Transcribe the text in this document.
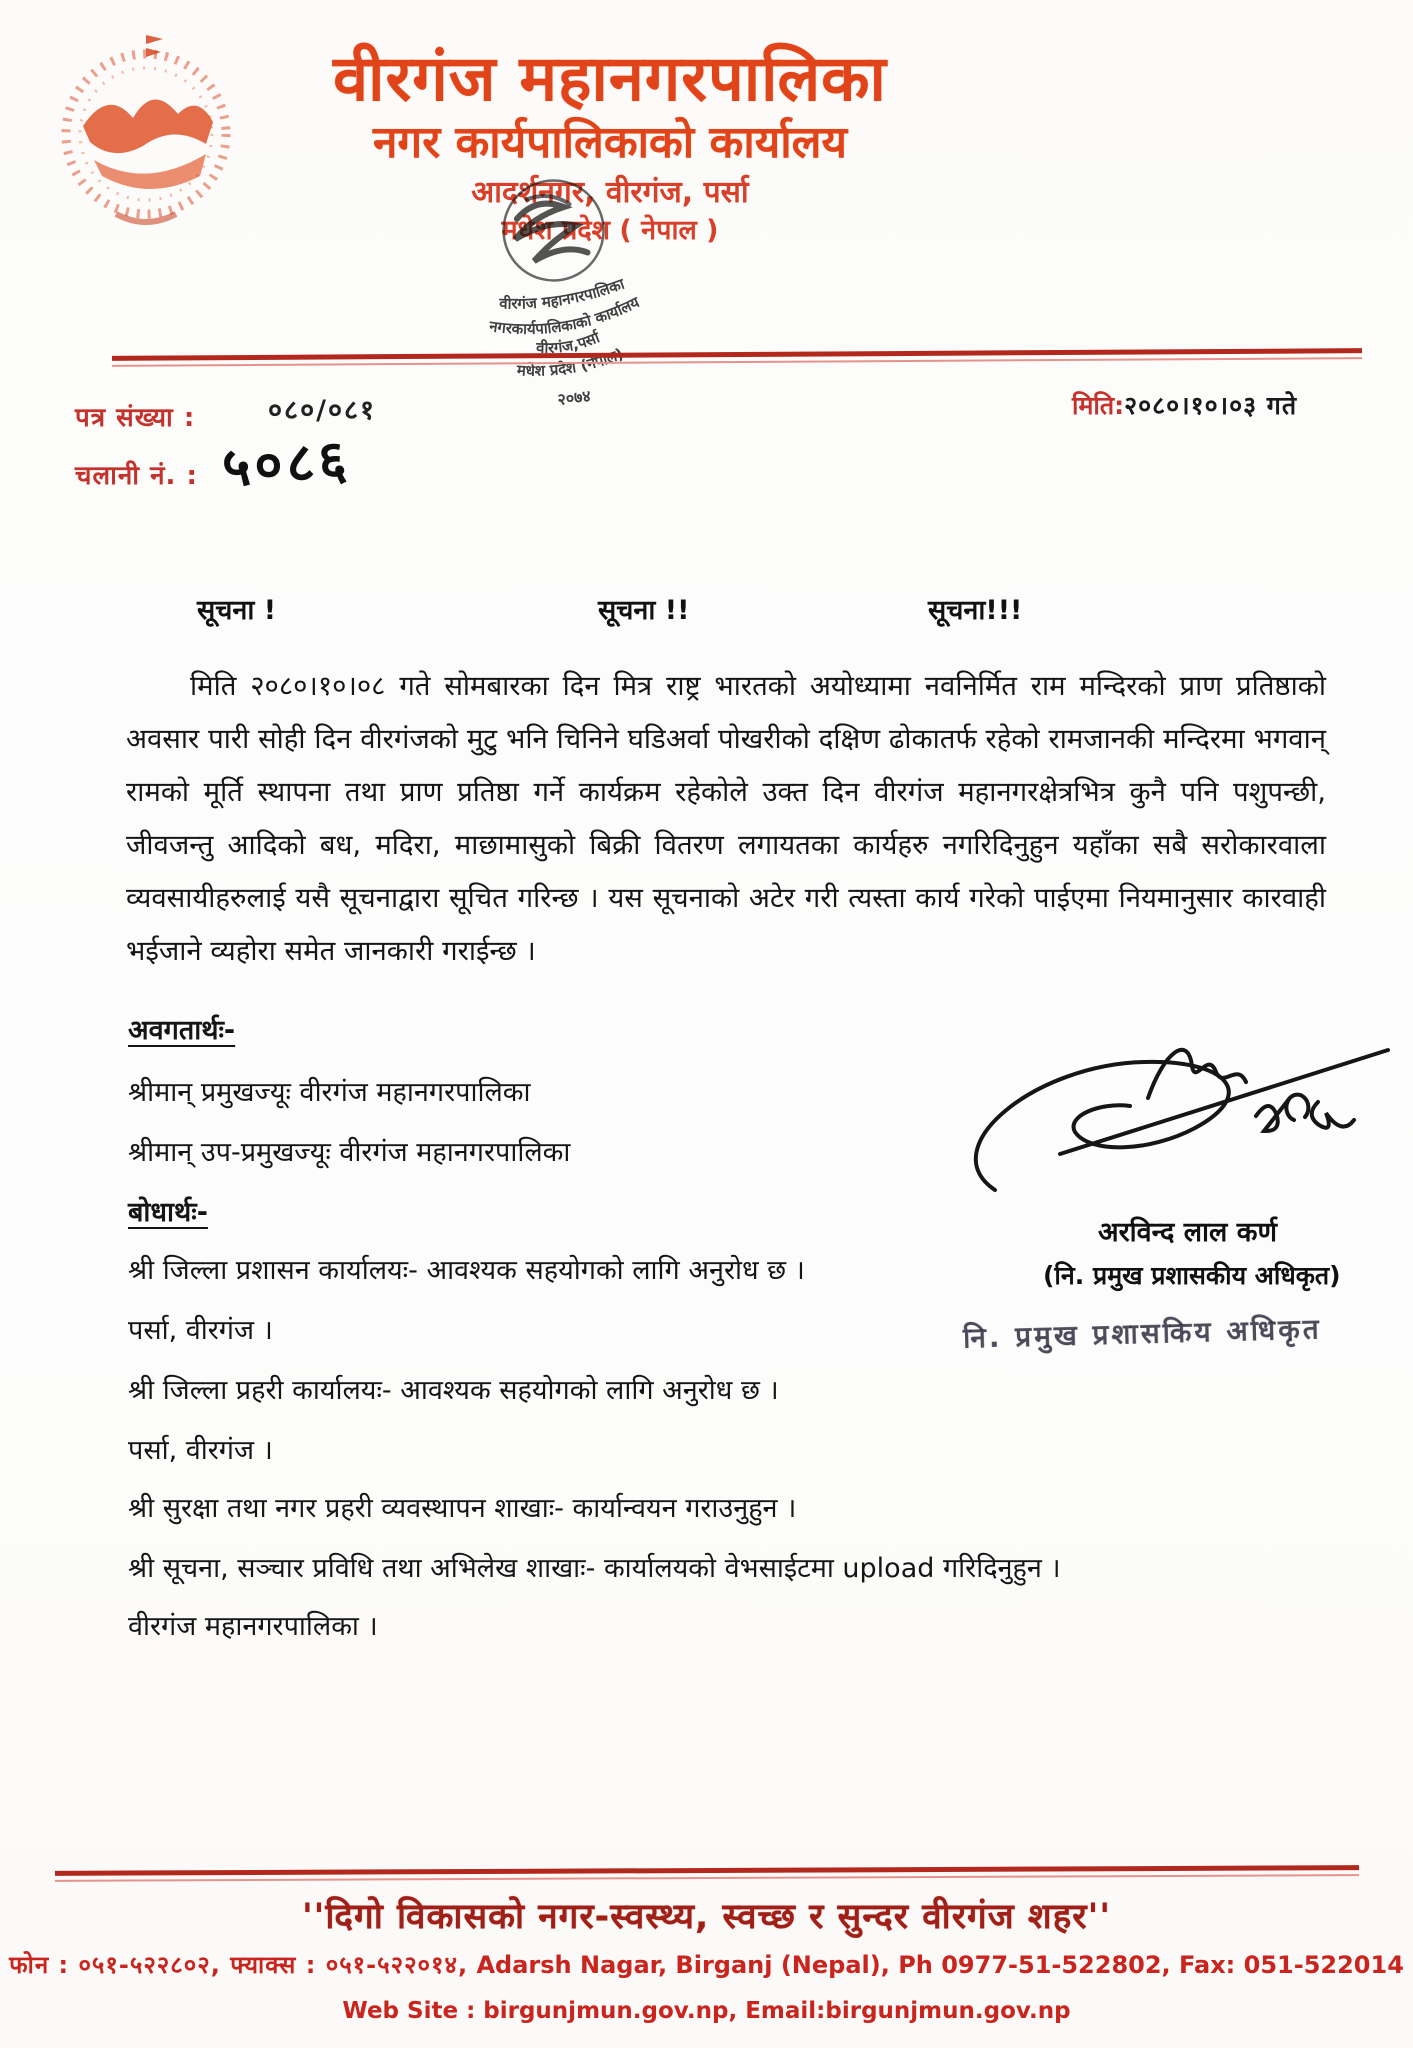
वीरगंज महानगरपालिका
नगर कार्यपालिकाको कार्यालय
आदर्शनगर, वीरगंज, पर्सा
मधेश प्रदेश ( नेपाल )
वीरगंज महानगरपालिका
नगरकार्यपालिकाको कार्यालय
वीरगंज,पर्सा
मधेश प्रदेश (नेपाल)
२०७४
पत्र संख्या :	०८०/०८१
चलानी नं. : ५०८६
मिति:२०८०।१०।०३ गते
सूचना !	सूचना !!	सूचना!!!
मिति २०८०।१०।०८ गते सोमबारका दिन मित्र राष्ट्र भारतको अयोध्यामा नवनिर्मित राम मन्दिरको प्राण प्रतिष्ठाको अवसार पारी सोही दिन वीरगंजको मुटु भनि चिनिने घडिअर्वा पोखरीको दक्षिण ढोकातर्फ रहेको रामजानकी मन्दिरमा भगवान् रामको मूर्ति स्थापना तथा प्राण प्रतिष्ठा गर्ने कार्यक्रम रहेकोले उक्त दिन वीरगंज महानगरक्षेत्रभित्र कुनै पनि पशुपन्छी, जीवजन्तु आदिको बध, मदिरा, माछामासुको बिक्री वितरण लगायतका कार्यहरु नगरिदिनुहुन यहाँका सबै सरोकारवाला व्यवसायीहरुलाई यसै सूचनाद्वारा सूचित गरिन्छ । यस सूचनाको अटेर गरी त्यस्ता कार्य गरेको पाईएमा नियमानुसार कारवाही भईजाने व्यहोरा समेत जानकारी गराईन्छ ।
अवगतार्थः-
श्रीमान् प्रमुखज्यूः वीरगंज महानगरपालिका
श्रीमान् उप-प्रमुखज्यूः वीरगंज महानगरपालिका
बोधार्थः-
श्री जिल्ला प्रशासन कार्यालयः- आवश्यक सहयोगको लागि अनुरोध छ ।
पर्सा, वीरगंज ।
श्री जिल्ला प्रहरी कार्यालयः- आवश्यक सहयोगको लागि अनुरोध छ ।
पर्सा, वीरगंज ।
श्री सुरक्षा तथा नगर प्रहरी व्यवस्थापन शाखाः- कार्यान्वयन गराउनुहुन ।
श्री सूचना, सञ्चार प्रविधि तथा अभिलेख शाखाः- कार्यालयको वेभसाईटमा upload गरिदिनुहुन ।
वीरगंज महानगरपालिका ।
अरविन्द लाल कर्ण
(नि. प्रमुख प्रशासकीय अधिकृत)
नि. प्रमुख प्रशासकिय अधिकृत
''दिगो विकासको नगर-स्वस्थ्य, स्वच्छ र सुन्दर वीरगंज शहर''
फोन : ०५१-५२२८०२, फ्याक्स : ०५१-५२२०१४, Adarsh Nagar, Birganj (Nepal), Ph 0977-51-522802, Fax: 051-522014
Web Site : birgunjmun.gov.np, Email:birgunjmun.gov.np
